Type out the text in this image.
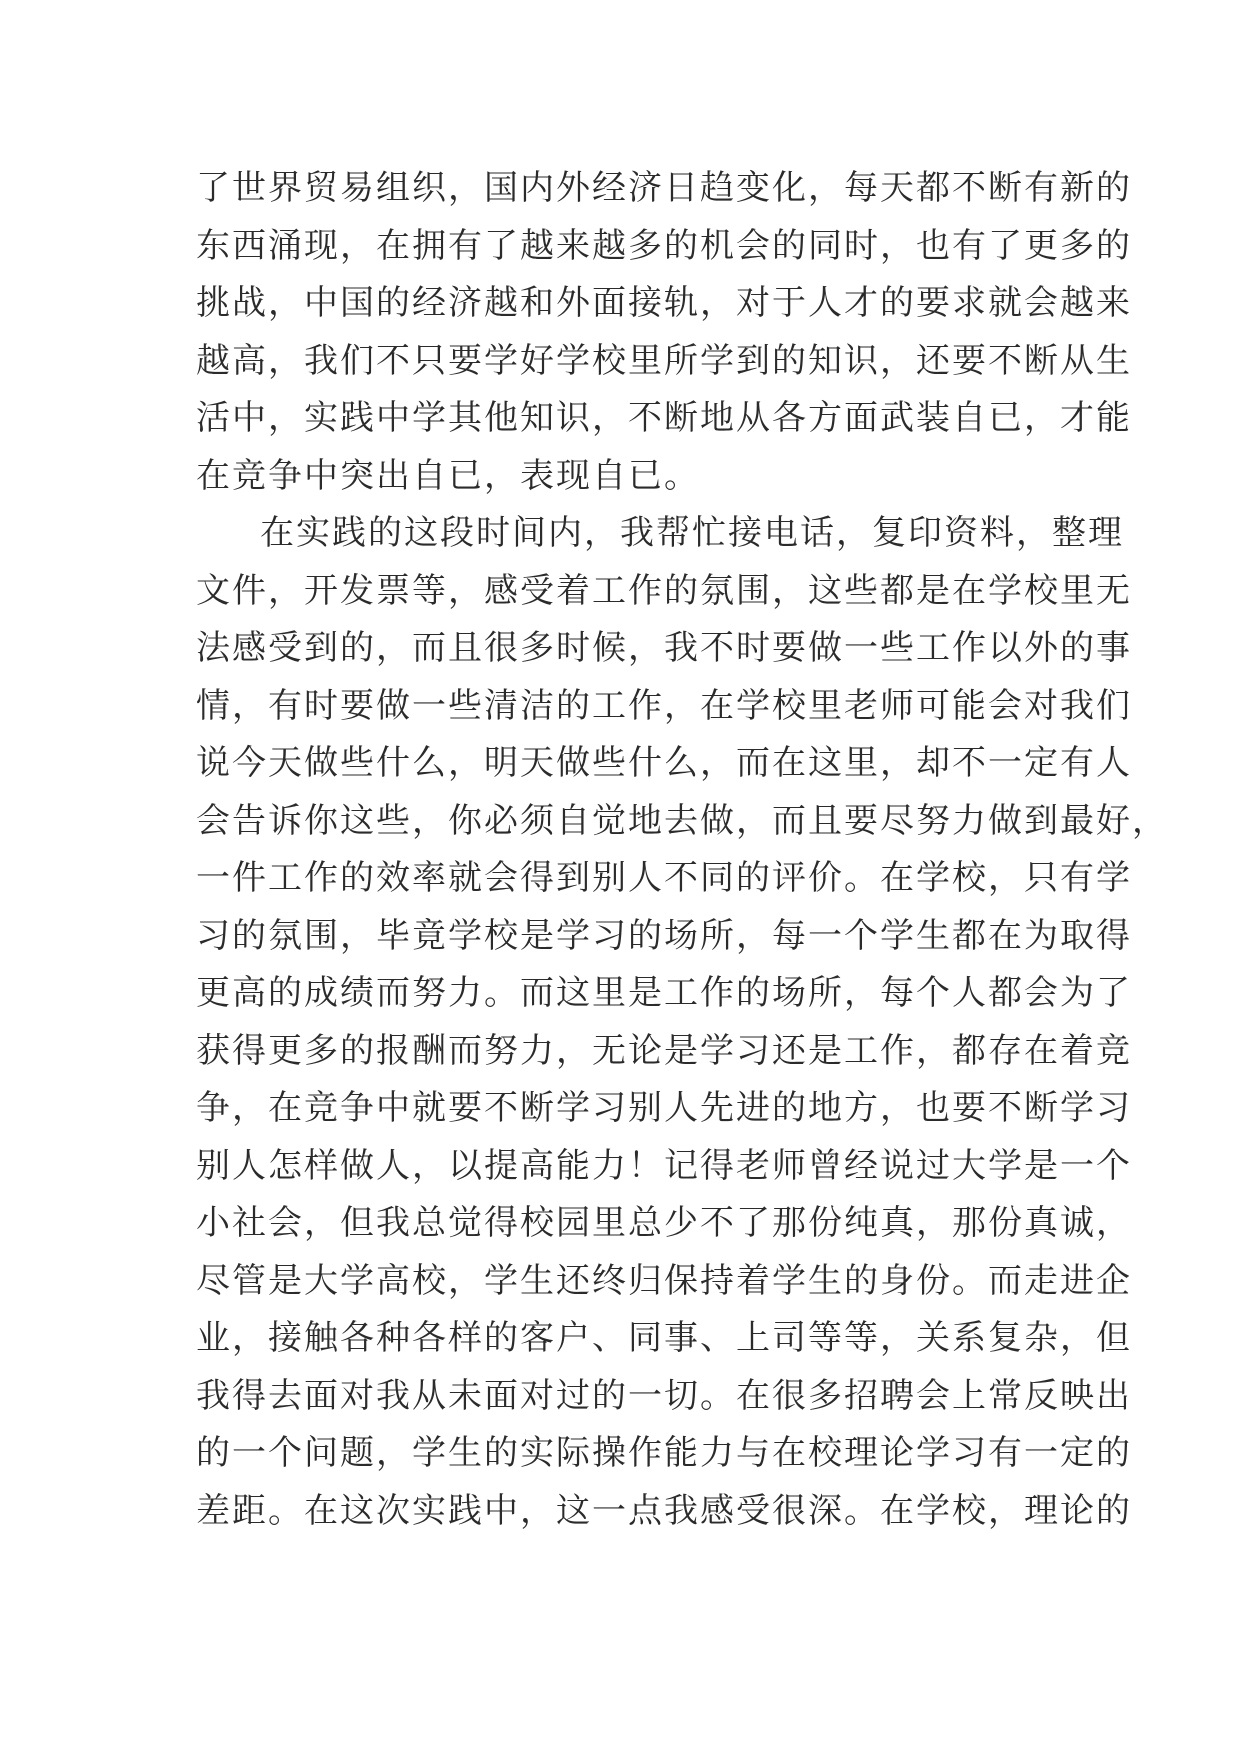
了世界贸易组织，国内外经济日趋变化，每天都不断有新的
东西涌现，在拥有了越来越多的机会的同时，也有了更多的
挑战，中国的经济越和外面接轨，对于人才的要求就会越来
越高，我们不只要学好学校里所学到的知识，还要不断从生
活中，实践中学其他知识，不断地从各方面武装自已，才能
在竞争中突出自已，表现自已。
在实践的这段时间内，我帮忙接电话，复印资料，整理
文件，开发票等，感受着工作的氛围，这些都是在学校里无
法感受到的，而且很多时候，我不时要做一些工作以外的事
情，有时要做一些清洁的工作，在学校里老师可能会对我们
说今天做些什么，明天做些什么，而在这里，却不一定有人
会告诉你这些，你必须自觉地去做，而且要尽努力做到最好，
一件工作的效率就会得到别人不同的评价。在学校，只有学
习的氛围，毕竟学校是学习的场所，每一个学生都在为取得
更高的成绩而努力。而这里是工作的场所，每个人都会为了
获得更多的报酬而努力，无论是学习还是工作，都存在着竞
争，在竞争中就要不断学习别人先进的地方，也要不断学习
别人怎样做人，以提高能力！记得老师曾经说过大学是一个
小社会，但我总觉得校园里总少不了那份纯真，那份真诚，
尽管是大学高校，学生还终归保持着学生的身份。而走进企
业，接触各种各样的客户、同事、上司等等，关系复杂，但
我得去面对我从未面对过的一切。在很多招聘会上常反映出
的一个问题，学生的实际操作能力与在校理论学习有一定的
差距。在这次实践中，这一点我感受很深。在学校，理论的
